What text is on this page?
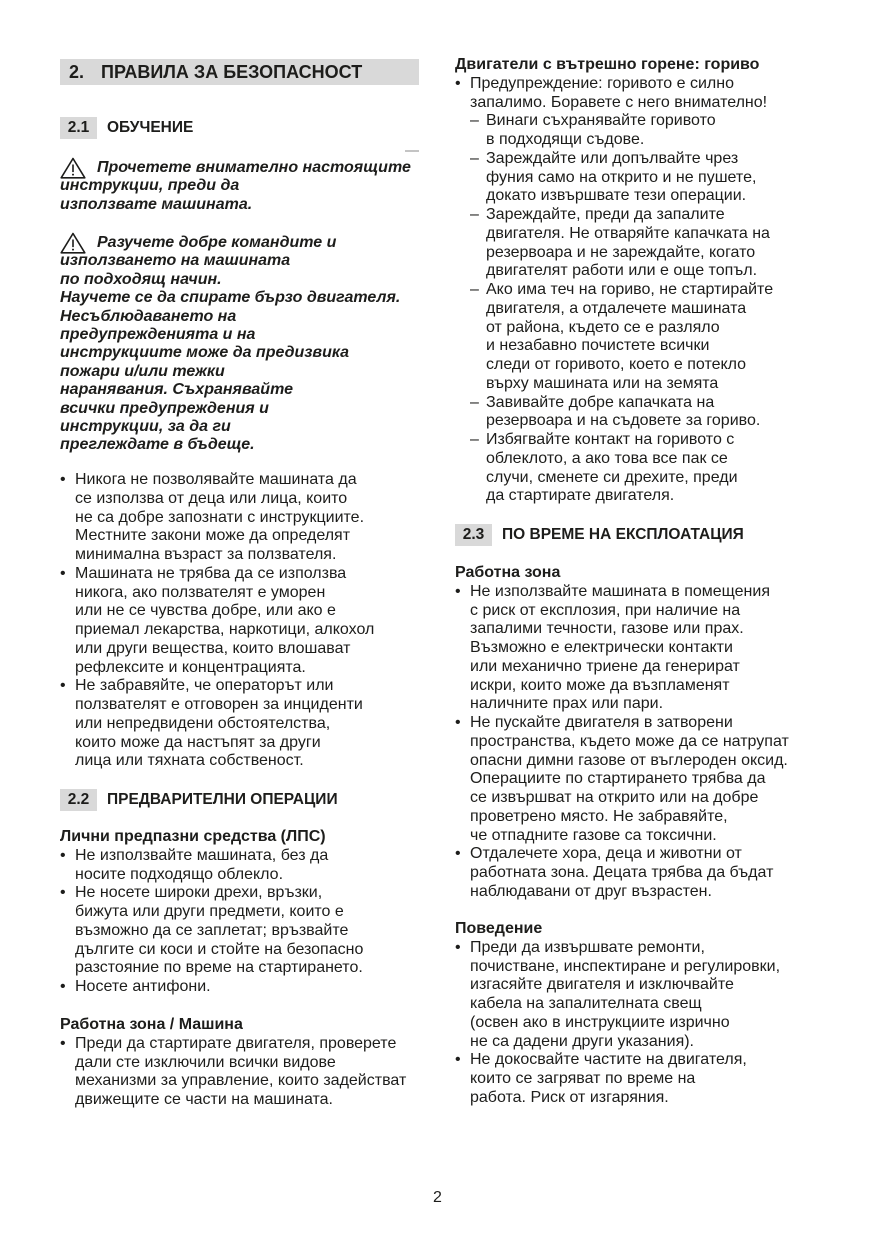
2. ПРАВИЛА ЗА БЕЗОПАСНОСТ
2.1 ОБУЧЕНИЕ
Прочетете внимателно настоящите
инструкции, преди да
използвате машината.
Разучете добре командите и
използването на машината
по подходящ начин.
Научете се да спирате бързо двигателя.
Несъблюдаването на
предупрежденията и на
инструкциите може да предизвика
пожари и/или тежки
наранявания. Съхранявайте
всички предупреждения и
инструкции, за да ги
преглеждате в бъдеще.
• Никога не позволявайте машината да
се използва от деца или лица, които
не са добре запознати с инструкциите.
Местните закони може да определят
минимална възраст за ползвателя.
• Машината не трябва да се използва
никога, ако ползвателят е уморен
или не се чувства добре, или ако е
приемал лекарства, наркотици, алкохол
или други вещества, които влошават
рефлексите и концентрацията.
• Не забравяйте, че операторът или
ползвателят е отговорен за инциденти
или непредвидени обстоятелства,
които може да настъпят за други
лица или тяхната собственост.
2.2 ПРЕДВАРИТЕЛНИ ОПЕРАЦИИ
Лични предпазни средства (ЛПС)
• Не използвайте машината, без да
носите подходящо облекло.
• Не носете широки дрехи, връзки,
бижута или други предмети, които е
възможно да се заплетат; връзвайте
дългите си коси и стойте на безопасно
разстояние по време на стартирането.
• Носете антифони.
Работна зона / Машина
• Преди да стартирате двигателя, проверете
дали сте изключили всички видове
механизми за управление, които задействат
движещите се части на машината.
Двигатели с вътрешно горене: гориво
• Предупреждение: горивото е силно
запалимо. Боравете с него внимателно!
– Винаги съхранявайте горивото
в подходящи съдове.
– Зареждайте или допълвайте чрез
фуния само на открито и не пушете,
докато извършвате тези операции.
– Зареждайте, преди да запалите
двигателя. Не отваряйте капачката на
резервоара и не зареждайте, когато
двигателят работи или е още топъл.
– Ако има теч на гориво, не стартирайте
двигателя, а отдалечете машината
от района, където се е разляло
и незабавно почистете всички
следи от горивото, което е потекло
върху машината или на земята
– Завивайте добре капачката на
резервоара и на съдовете за гориво.
– Избягвайте контакт на горивото с
облеклото, а ако това все пак се
случи, сменете си дрехите, преди
да стартирате двигателя.
2.3 ПО ВРЕМЕ НА ЕКСПЛОАТАЦИЯ
Работна зона
• Не използвайте машината в помещения
с риск от експлозия, при наличие на
запалими течности, газове или прах.
Възможно е електрически контакти
или механично триене да генерират
искри, които може да възпламенят
наличните прах или пари.
• Не пускайте двигателя в затворени
пространства, където може да се натрупат
опасни димни газове от въглероден оксид.
Операциите по стартирането трябва да
се извършват на открито или на добре
проветрено място. Не забравяйте,
че отпадните газове са токсични.
• Отдалечете хора, деца и животни от
работната зона. Децата трябва да бъдат
наблюдавани от друг възрастен.
Поведение
• Преди да извършвате ремонти,
почистване, инспектиране и регулировки,
изгасяйте двигателя и изключвайте
кабела на запалителната свещ
(освен ако в инструкциите изрично
не са дадени други указания).
• Не докосвайте частите на двигателя,
които се загряват по време на
работа. Риск от изгаряния.
2
